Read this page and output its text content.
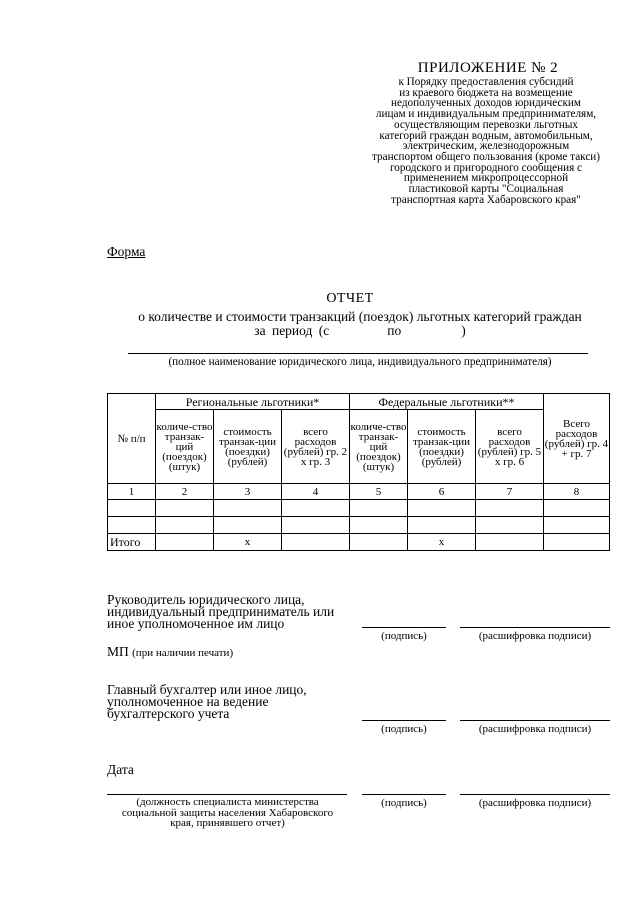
ПРИЛОЖЕНИЕ № 2
к Порядку предоставления субсидий
из краевого бюджета на возмещение
недополученных доходов юридическим
лицам и индивидуальным предпринимателям,
осуществляющим перевозки льготных
категорий граждан водным, автомобильным,
электрическим, железнодорожным
транспортом общего пользования (кроме такси)
городского и пригородного сообщения с
применением микропроцессорной
пластиковой карты "Социальная
транспортная карта Хабаровского края"
Форма
ОТЧЕТ
о количестве и стоимости транзакций (поездок) льготных категорий граждан
за период (с	по	)
(полное наименование юридического лица, индивидуального предпринимателя)
№ п/п	Региональные льготники*			Федеральные льготники**			Всего расходов (рублей) гр. 4 + гр. 7
	количе-ство транзак-ций (поездок) (штук)	стоимость транзак-ции (поездки) (рублей)	всего расходов (рублей) гр. 2 х гр. 3	количе-ство транзак-ций (поездок) (штук)	стоимость транзак-ции (поездки) (рублей)	всего расходов (рублей) гр. 5 х гр. 6	
1	2	3	4	5	6	7	8

Итого		х			х		
Руководитель юридического лица, индивидуальный предприниматель или иное уполномоченное им лицо
(подпись)	(расшифровка подписи)
МП (при наличии печати)
Главный бухгалтер или иное лицо, уполномоченное на ведение бухгалтерского учета
(подпись)	(расшифровка подписи)
Дата
(должность специалиста министерства социальной защиты населения Хабаровского края, принявшего отчет)
(подпись)	(расшифровка подписи)
